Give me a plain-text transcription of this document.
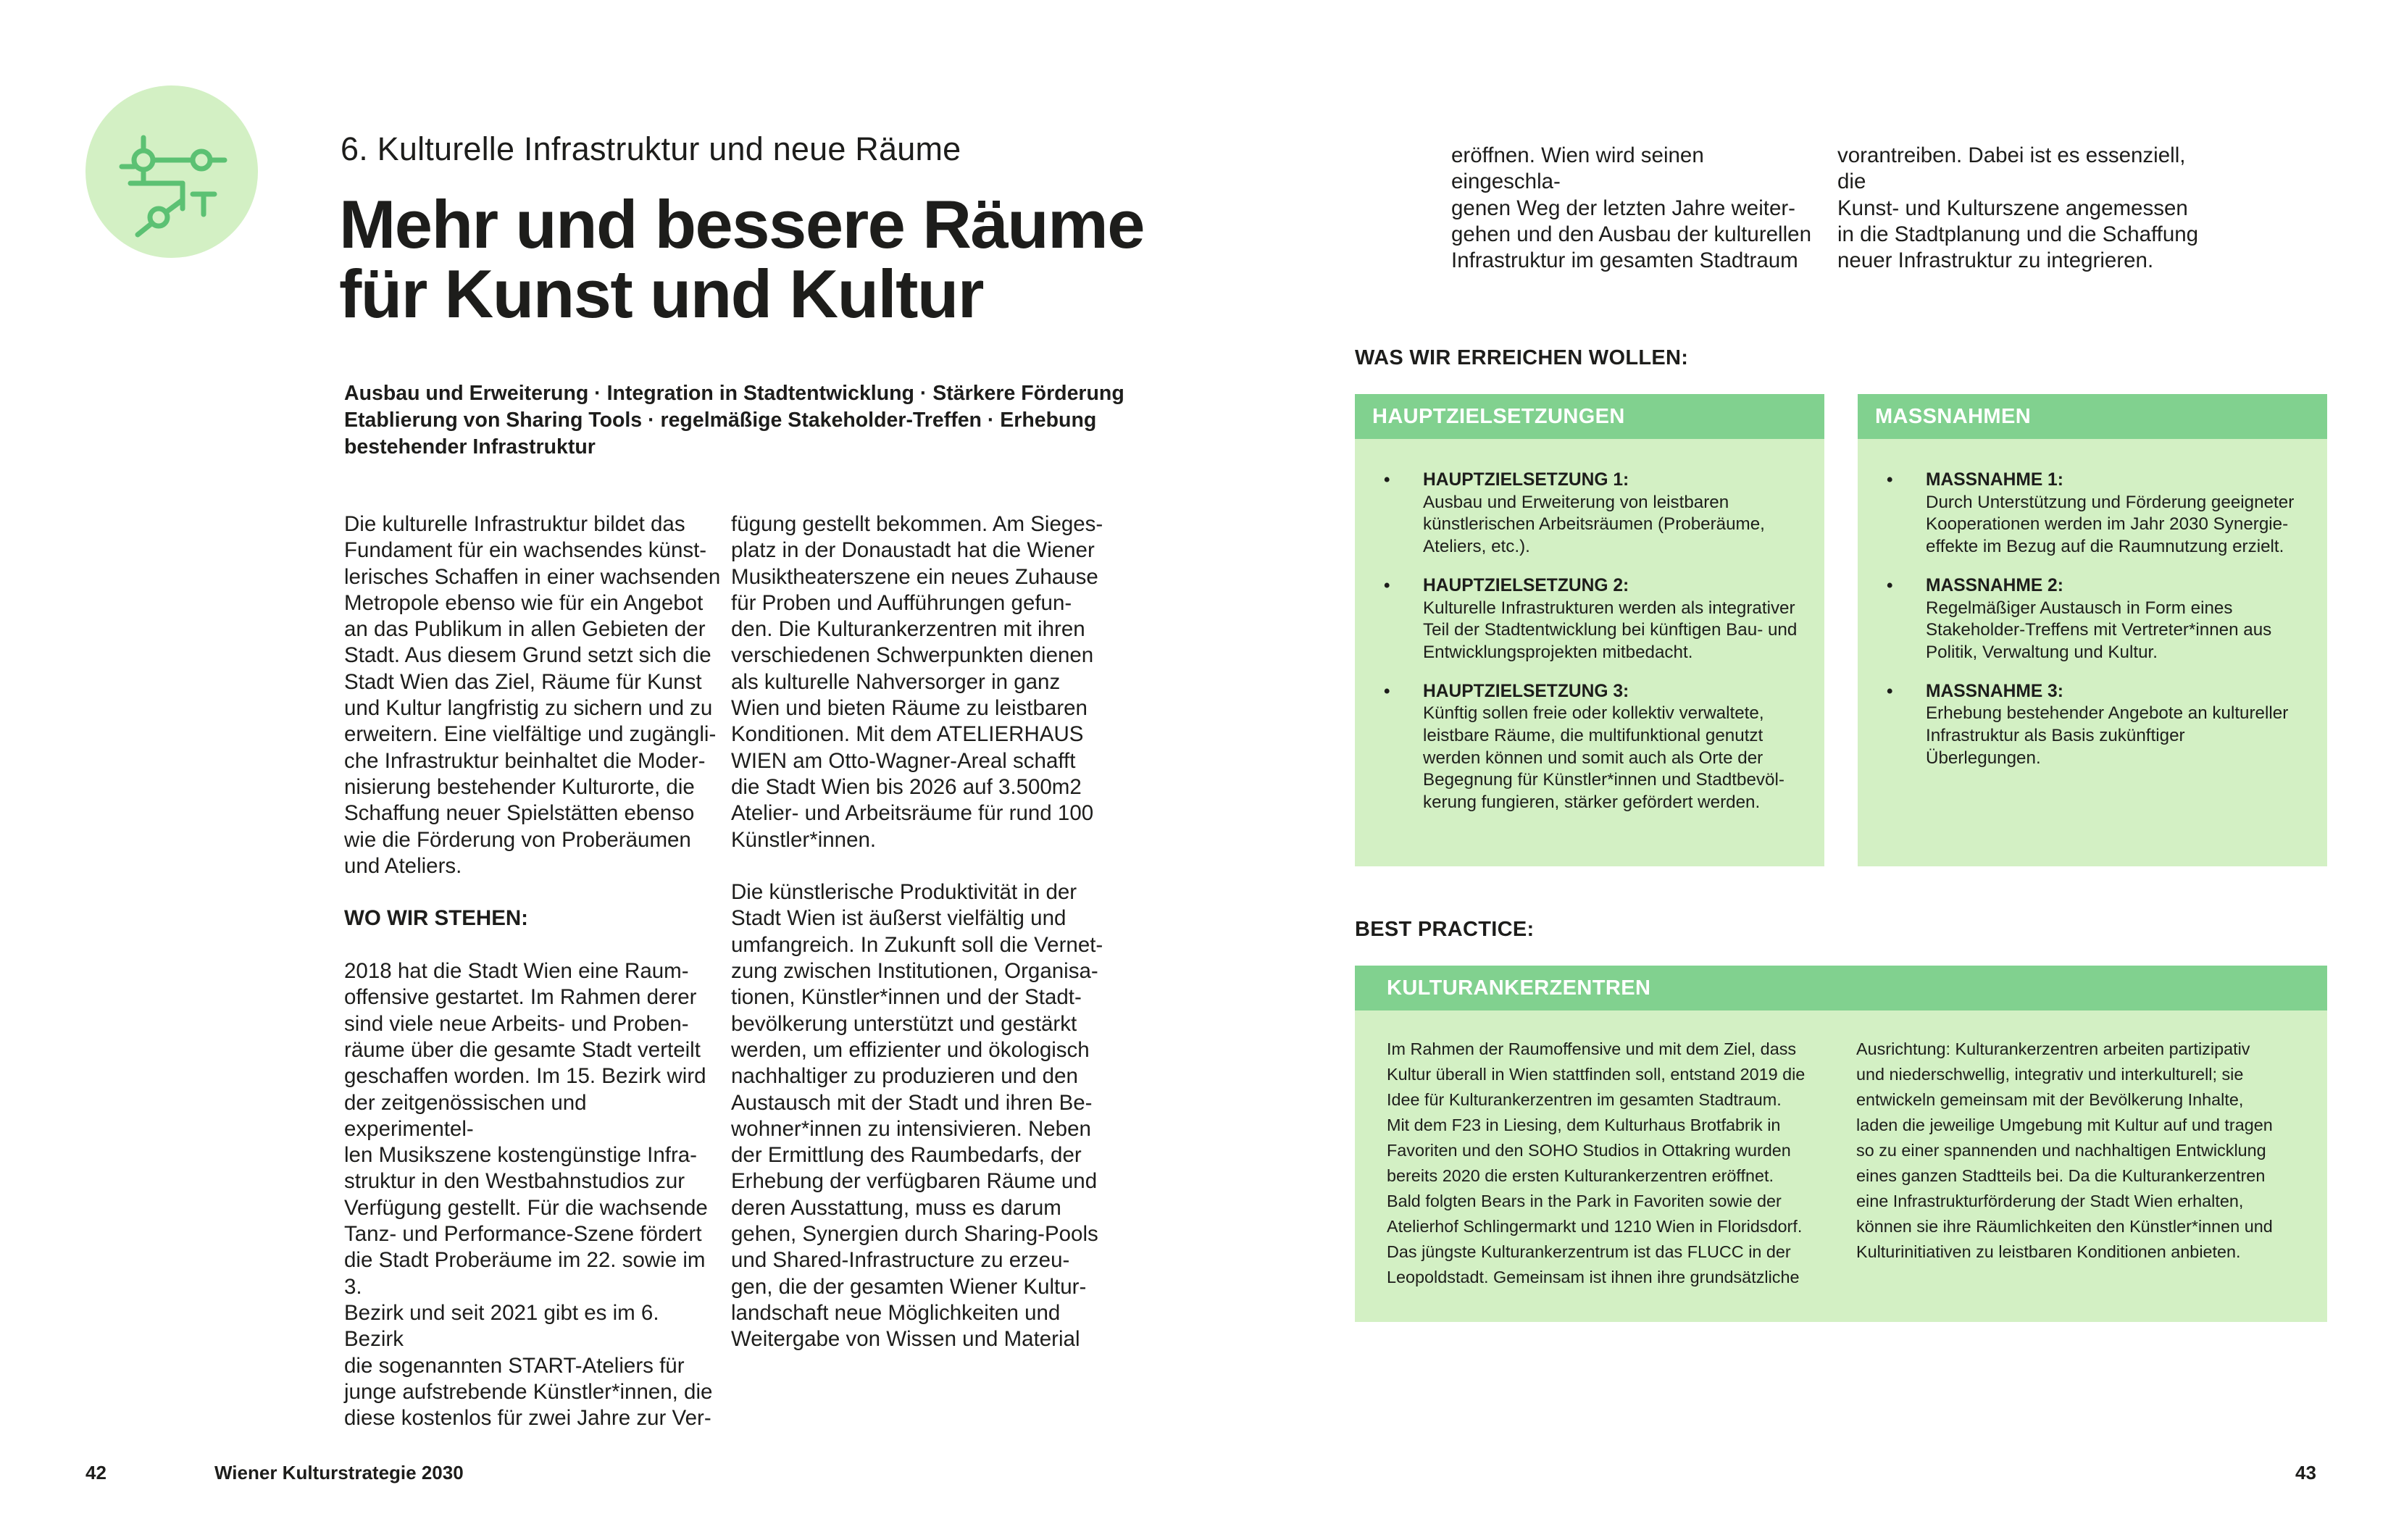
6. Kulturelle Infrastruktur und neue Räume
Mehr und bessere Räume
für Kunst und Kultur
Ausbau und Erweiterung · Integration in Stadtentwicklung · Stärkere Förderung
Etablierung von Sharing Tools · regelmäßige Stakeholder-Treffen · Erhebung
bestehender Infrastruktur

Die kulturelle Infrastruktur bildet das
Fundament für ein wachsendes künst-
lerisches Schaffen in einer wachsenden
Metropole ebenso wie für ein Angebot
an das Publikum in allen Gebieten der
Stadt. Aus diesem Grund setzt sich die
Stadt Wien das Ziel, Räume für Kunst
und Kultur langfristig zu sichern und zu
erweitern. Eine vielfältige und zugängli-
che Infrastruktur beinhaltet die Moder-
nisierung bestehender Kulturorte, die
Schaffung neuer Spielstätten ebenso
wie die Förderung von Proberäumen
und Ateliers.

WO WIR STEHEN:

2018 hat die Stadt Wien eine Raum-
offensive gestartet. Im Rahmen derer
sind viele neue Arbeits- und Proben-
räume über die gesamte Stadt verteilt
geschaffen worden. Im 15. Bezirk wird
der zeitgenössischen und experimentel-
len Musikszene kostengünstige Infra-
struktur in den Westbahnstudios zur
Verfügung gestellt. Für die wachsende
Tanz- und Performance-Szene fördert
die Stadt Proberäume im 22. sowie im 3.
Bezirk und seit 2021 gibt es im 6. Bezirk
die sogenannten START-Ateliers für
junge aufstrebende Künstler*innen, die
diese kostenlos für zwei Jahre zur Ver-

fügung gestellt bekommen. Am Sieges-
platz in der Donaustadt hat die Wiener
Musiktheaterszene ein neues Zuhause
für Proben und Aufführungen gefun-
den. Die Kulturankerzentren mit ihren
verschiedenen Schwerpunkten dienen
als kulturelle Nahversorger in ganz
Wien und bieten Räume zu leistbaren
Konditionen. Mit dem ATELIERHAUS
WIEN am Otto-Wagner-Areal schafft
die Stadt Wien bis 2026 auf 3.500m2
Atelier- und Arbeitsräume für rund 100
Künstler*innen.

Die künstlerische Produktivität in der
Stadt Wien ist äußerst vielfältig und
umfangreich. In Zukunft soll die Vernet-
zung zwischen Institutionen, Organisa-
tionen, Künstler*innen und der Stadt-
bevölkerung unterstützt und gestärkt
werden, um effizienter und ökologisch
nachhaltiger zu produzieren und den
Austausch mit der Stadt und ihren Be-
wohner*innen zu intensivieren. Neben
der Ermittlung des Raumbedarfs, der
Erhebung der verfügbaren Räume und
deren Ausstattung, muss es darum
gehen, Synergien durch Sharing-Pools
und Shared-Infrastructure zu erzeu-
gen, die der gesamten Wiener Kultur-
landschaft neue Möglichkeiten und
Weitergabe von Wissen und Material

42	Wiener Kulturstrategie 2030
eröffnen. Wien wird seinen eingeschla-
genen Weg der letzten Jahre weiter-
gehen und den Ausbau der kulturellen
Infrastruktur im gesamten Stadtraum
vorantreiben. Dabei ist es essenziell, die
Kunst- und Kulturszene angemessen
in die Stadtplanung und die Schaffung
neuer Infrastruktur zu integrieren.
WAS WIR ERREICHEN WOLLEN:
HAUPTZIELSETZUNGEN
• HAUPTZIELSETZUNG 1:
Ausbau und Erweiterung von leistbaren künstlerischen Arbeitsräumen (Proberäume, Ateliers, etc.).
• HAUPTZIELSETZUNG 2:
Kulturelle Infrastrukturen werden als integrativer Teil der Stadtentwicklung bei künftigen Bau- und Entwicklungsprojekten mitbedacht.
• HAUPTZIELSETZUNG 3:
Künftig sollen freie oder kollektiv verwaltete, leistbare Räume, die multifunktional genutzt werden können und somit auch als Orte der Begegnung für Künstler*innen und Stadtbevöl-kerung fungieren, stärker gefördert werden.
MASSNAHMEN
• MASSNAHME 1:
Durch Unterstützung und Förderung geeigneter Kooperationen werden im Jahr 2030 Synergie-effekte im Bezug auf die Raumnutzung erzielt.
• MASSNAHME 2:
Regelmäßiger Austausch in Form eines Stakeholder-Treffens mit Vertreter*innen aus Politik, Verwaltung und Kultur.
• MASSNAHME 3:
Erhebung bestehender Angebote an kultureller Infrastruktur als Basis zukünftiger Überlegungen.
BEST PRACTICE:
KULTURANKERZENTREN
Im Rahmen der Raumoffensive und mit dem Ziel, dass
Kultur überall in Wien stattfinden soll, entstand 2019 die
Idee für Kulturankerzentren im gesamten Stadtraum.
Mit dem F23 in Liesing, dem Kulturhaus Brotfabrik in
Favoriten und den SOHO Studios in Ottakring wurden
bereits 2020 die ersten Kulturankerzentren eröffnet.
Bald folgten Bears in the Park in Favoriten sowie der
Atelierhof Schlingermarkt und 1210 Wien in Floridsdorf.
Das jüngste Kulturankerzentrum ist das FLUCC in der
Leopoldstadt. Gemeinsam ist ihnen ihre grundsätzliche
Ausrichtung: Kulturankerzentren arbeiten partizipativ
und niederschwellig, integrativ und interkulturell; sie
entwickeln gemeinsam mit der Bevölkerung Inhalte,
laden die jeweilige Umgebung mit Kultur auf und tragen
so zu einer spannenden und nachhaltigen Entwicklung
eines ganzen Stadtteils bei. Da die Kulturankerzentren
eine Infrastrukturförderung der Stadt Wien erhalten,
können sie ihre Räumlichkeiten den Künstler*innen und
Kulturinitiativen zu leistbaren Konditionen anbieten.
43
